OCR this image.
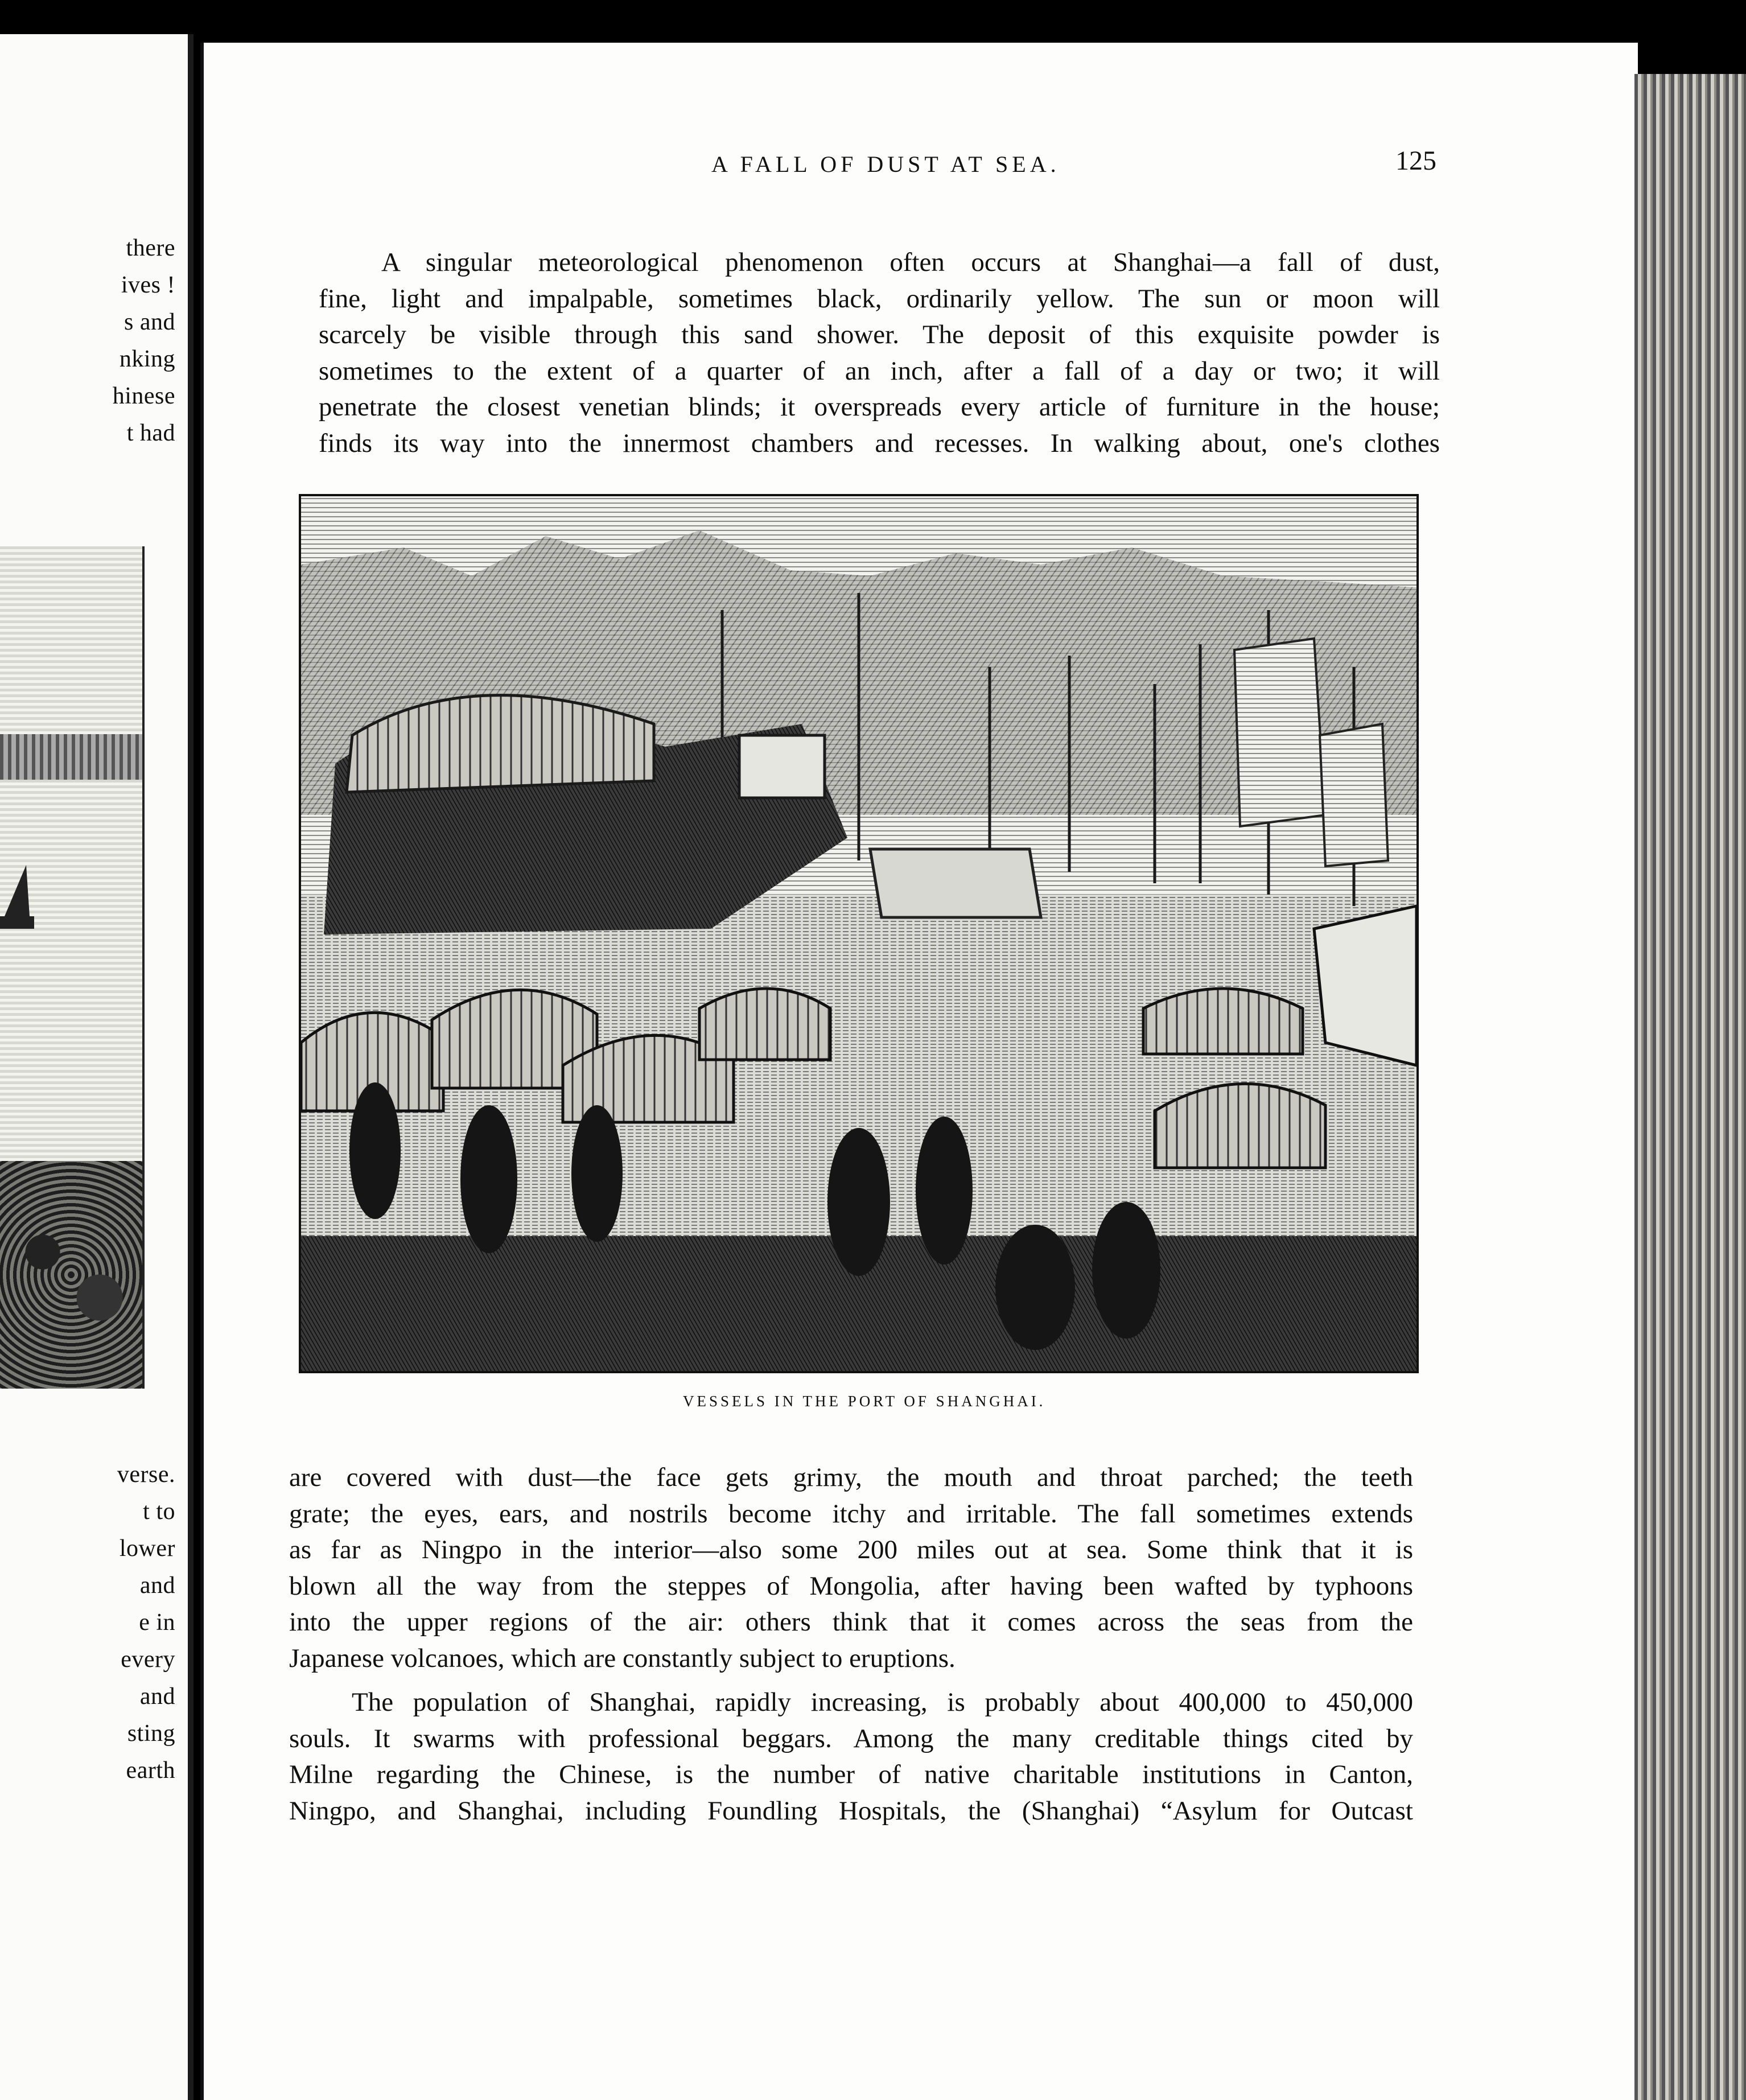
there
ives !
s and
nking
hinese
t had
verse.
t to
lower
and
e in
every
and
sting
earth
A FALL OF DUST AT SEA.	125
A singular meteorological phenomenon often occurs at Shanghai—a fall of dust,
fine, light and impalpable, sometimes black, ordinarily yellow. The sun or moon will
scarcely be visible through this sand shower. The deposit of this exquisite powder is
sometimes to the extent of a quarter of an inch, after a fall of a day or two; it will
penetrate the closest venetian blinds; it overspreads every article of furniture in the house;
finds its way into the innermost chambers and recesses. In walking about, one's clothes
VESSELS IN THE PORT OF SHANGHAI.
are covered with dust—the face gets grimy, the mouth and throat parched; the teeth
grate; the eyes, ears, and nostrils become itchy and irritable. The fall sometimes extends
as far as Ningpo in the interior—also some 200 miles out at sea. Some think that it is
blown all the way from the steppes of Mongolia, after having been wafted by typhoons
into the upper regions of the air: others think that it comes across the seas from the
Japanese volcanoes, which are constantly subject to eruptions.
The population of Shanghai, rapidly increasing, is probably about 400,000 to 450,000
souls. It swarms with professional beggars. Among the many creditable things cited by
Milne regarding the Chinese, is the number of native charitable institutions in Canton,
Ningpo, and Shanghai, including Foundling Hospitals, the (Shanghai) “Asylum for Outcast
